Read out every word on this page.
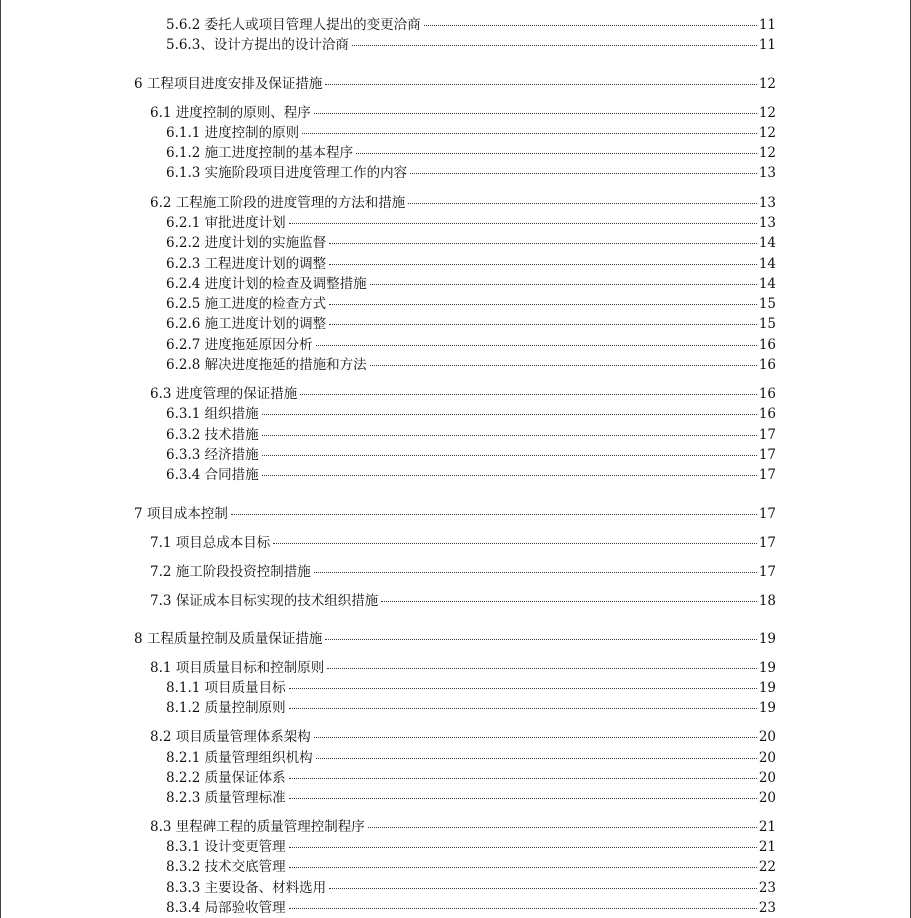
5.6.2 委托人或项目管理人提出的变更洽商	11
5.6.3、设计方提出的设计洽商	11
6 工程项目进度安排及保证措施	12
6.1 进度控制的原则、程序	12
6.1.1 进度控制的原则	12
6.1.2 施工进度控制的基本程序	12
6.1.3 实施阶段项目进度管理工作的内容	13
6.2 工程施工阶段的进度管理的方法和措施	13
6.2.1 审批进度计划	13
6.2.2 进度计划的实施监督	14
6.2.3 工程进度计划的调整	14
6.2.4 进度计划的检查及调整措施	14
6.2.5 施工进度的检查方式	15
6.2.6 施工进度计划的调整	15
6.2.7 进度拖延原因分析	16
6.2.8 解决进度拖延的措施和方法	16
6.3 进度管理的保证措施	16
6.3.1 组织措施	16
6.3.2 技术措施	17
6.3.3 经济措施	17
6.3.4 合同措施	17
7 项目成本控制	17
7.1 项目总成本目标	17
7.2 施工阶段投资控制措施	17
7.3 保证成本目标实现的技术组织措施	18
8 工程质量控制及质量保证措施	19
8.1 项目质量目标和控制原则	19
8.1.1 项目质量目标	19
8.1.2 质量控制原则	19
8.2 项目质量管理体系架构	20
8.2.1 质量管理组织机构	20
8.2.2 质量保证体系	20
8.2.3 质量管理标准	20
8.3 里程碑工程的质量管理控制程序	21
8.3.1 设计变更管理	21
8.3.2 技术交底管理	22
8.3.3 主要设备、材料选用	23
8.3.4 局部验收管理	23
